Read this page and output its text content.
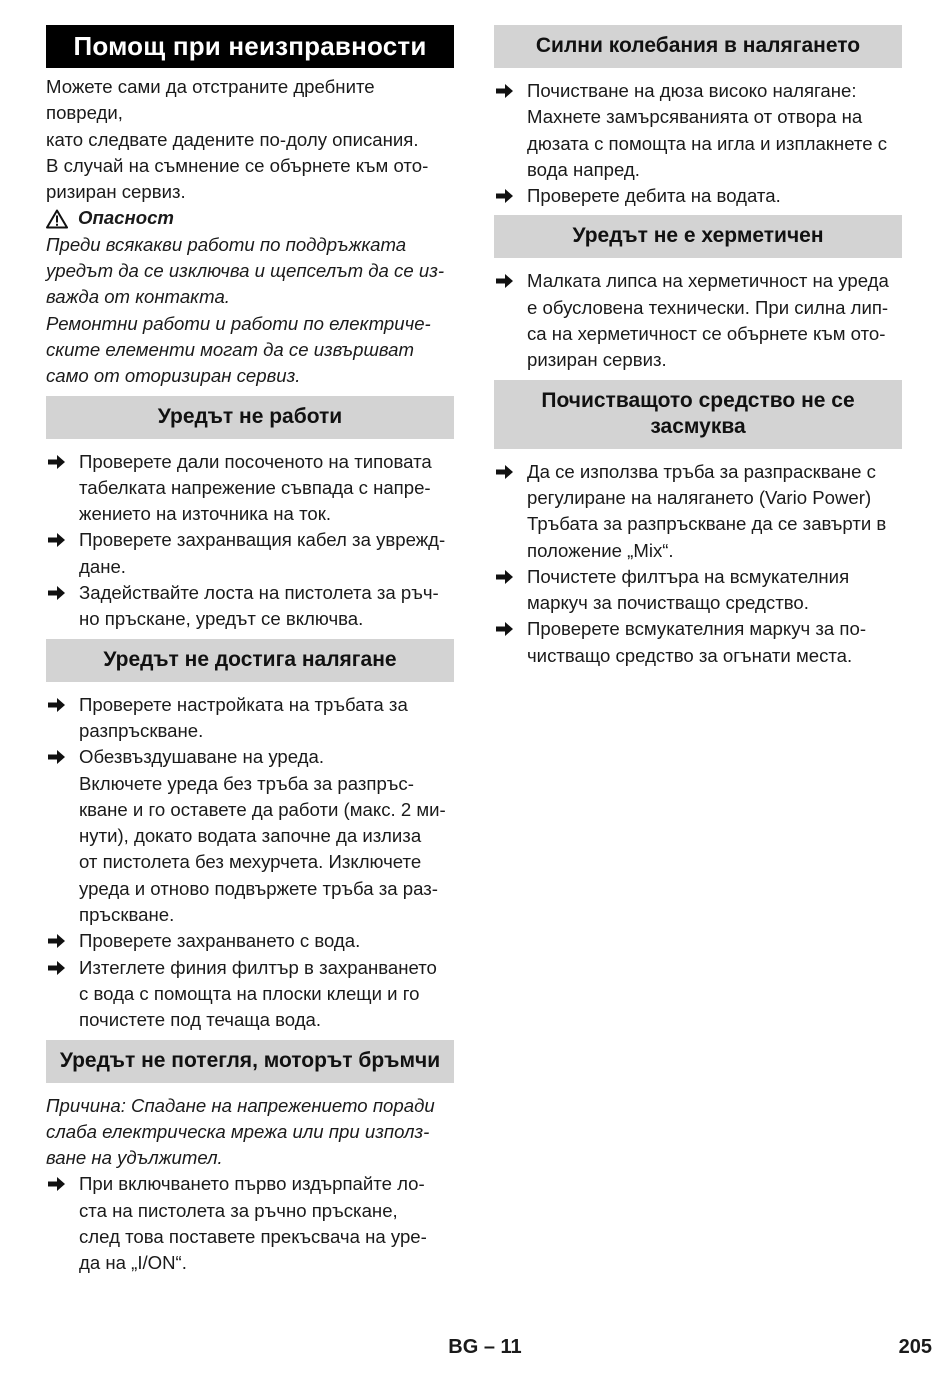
Помощ при неизправности

Можете сами да отстраните дребните повреди,

като следвате дадените по-долу описания.

В случай на съмнение се обърнете към ото-

ризиран сервиз.

Опасност

Преди всякакви работи по поддръжката

уредът да се изключва и щепселът да се из-

важда от контакта.

Ремонтни работи и работи по електриче-

ските елементи могат да се извършват

само от оторизиран сервиз.

Уредът не работи
Проверете дали посоченото на типовата
табелката напрежение съвпада с напре-
жението на източника на ток.
Проверете захранващия кабел за уврежд-
дане.
Задействайте лоста на пистолета за ръч-
но пръскане, уредът се включва.
Уредът не достига налягане
Проверете настройката на тръбата за
разпръскване.
Обезвъздушаване на уреда.
Включете уреда без тръба за разпръс-
кване и го оставете да работи (макс. 2 ми-
нути), докато водата започне да излиза
от пистолета без мехурчета. Изключете
уреда и отново подвържете тръба за раз-
пръскване.
Проверете захранването с вода.
Изтеглете финия филтър в захранването
с вода с помощта на плоски клещи и го
почистете под течаща вода.
Уредът не потегля, моторът бръмчи

Причина: Спадане на напрежението поради

слаба електрическа мрежа или при използ-

ване на удължител.

При включването първо издърпайте ло-
ста на пистолета за ръчно пръскане,
след това поставете прекъсвача на уре-
да на „I/ON“.
Силни колебания в налягането
Почистване на дюза високо налягане:
Махнете замърсяванията от отвора на
дюзата с помощта на игла и изплакнете с
вода напред.
Проверете дебита на водата.
Уредът не е херметичен
Малката липса на херметичност на уреда
е обусловена технически. При силна лип-
са на херметичност се обърнете към ото-
ризиран сервиз.
Почистващото средство не се
засмуква
Да се използва тръба за разпраскване с
регулиране на налягането (Vario Power)
Тръбата за разпръскване да се завърти в
положение „Mix“.
Почистете филтъра на всмукателния
маркуч за почистващо средство.
Проверете всмукателния маркуч за по-
чистващо средство за огънати места.
BG – 11	205
